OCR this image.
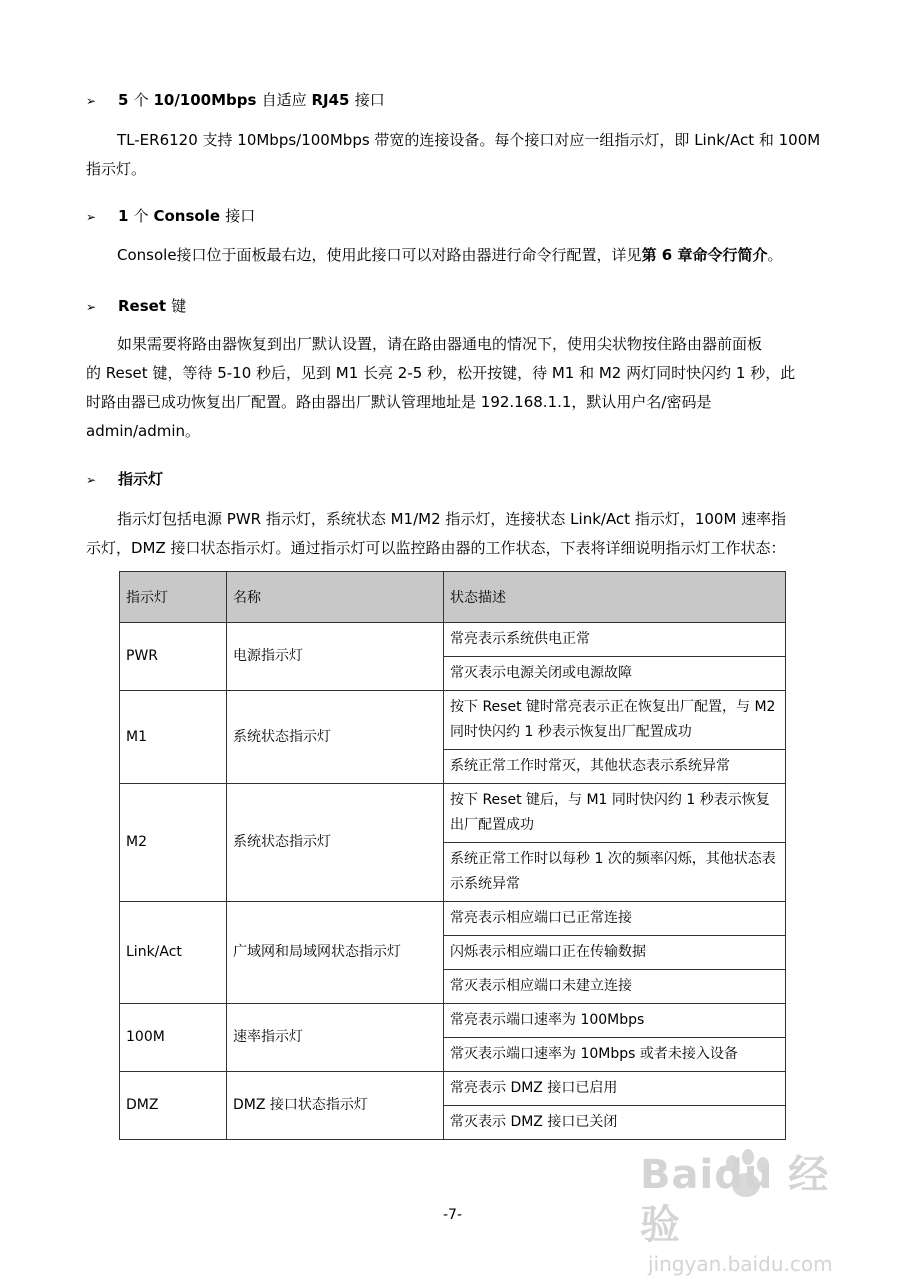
➢ 5 个 10/100Mbps 自适应 RJ45 接口
TL-ER6120 支持 10Mbps/100Mbps 带宽的连接设备。每个接口对应一组指示灯，即 Link/Act 和 100M
指示灯。
➢ 1 个 Console 接口
Console接口位于面板最右边，使用此接口可以对路由器进行命令行配置，详见第 6 章命令行简介。
➢ Reset 键
如果需要将路由器恢复到出厂默认设置，请在路由器通电的情况下，使用尖状物按住路由器前面板
的 Reset 键，等待 5-10 秒后，见到 M1 长亮 2-5 秒，松开按键，待 M1 和 M2 两灯同时快闪约 1 秒，此
时路由器已成功恢复出厂配置。路由器出厂默认管理地址是 192.168.1.1，默认用户名/密码是
admin/admin。
➢ 指示灯
指示灯包括电源 PWR 指示灯，系统状态 M1/M2 指示灯，连接状态 Link/Act 指示灯，100M 速率指
示灯，DMZ 接口状态指示灯。通过指示灯可以监控路由器的工作状态，下表将详细说明指示灯工作状态：
指示灯	名称	状态描述
PWR	电源指示灯	常亮表示系统供电正常
		常灭表示电源关闭或电源故障
M1	系统状态指示灯	按下 Reset 键时常亮表示正在恢复出厂配置，与 M2 同时快闪约 1 秒表示恢复出厂配置成功
		系统正常工作时常灭，其他状态表示系统异常
M2	系统状态指示灯	按下 Reset 键后，与 M1 同时快闪约 1 秒表示恢复出厂配置成功
		系统正常工作时以每秒 1 次的频率闪烁，其他状态表示系统异常
Link/Act	广域网和局域网状态指示灯	常亮表示相应端口已正常连接
		闪烁表示相应端口正在传输数据
		常灭表示相应端口未建立连接
100M	速率指示灯	常亮表示端口速率为 100Mbps
		常灭表示端口速率为 10Mbps 或者未接入设备
DMZ	DMZ 接口状态指示灯	常亮表示 DMZ 接口已启用
		常灭表示 DMZ 接口已关闭
-7-
Baidu 经验
jingyan.baidu.com
